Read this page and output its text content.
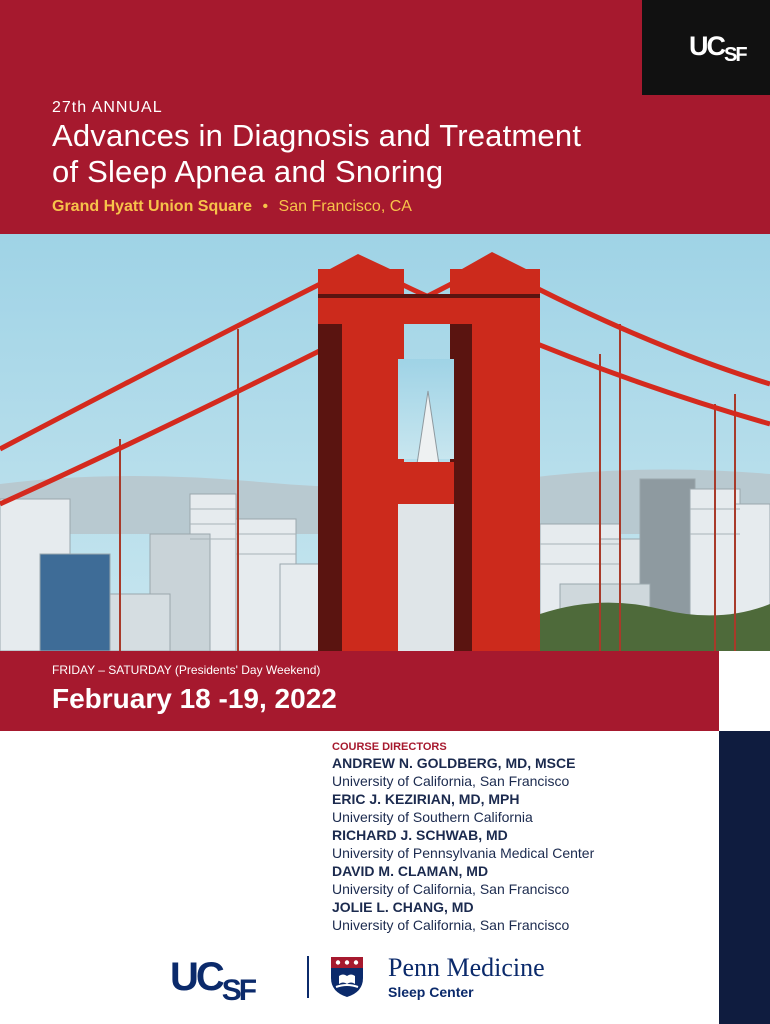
$UC_{SF}$
27th ANNUAL
Advances in Diagnosis and Treatment
of Sleep Apnea and Snoring
Grand Hyatt Union Square • San Francisco, CA
FRIDAY – SATURDAY (Presidents' Day Weekend)
February 18 -19, 2022
COURSE DIRECTORS
ANDREW N. GOLDBERG, MD, MSCE
University of California, San Francisco
ERIC J. KEZIRIAN, MD, MPH
University of Southern California
RICHARD J. SCHWAB, MD
University of Pennsylvania Medical Center
DAVID M. CLAMAN, MD
University of California, San Francisco
JOLIE L. CHANG, MD
University of California, San Francisco
$UC_{SF}$
Penn Medicine
Sleep Center
